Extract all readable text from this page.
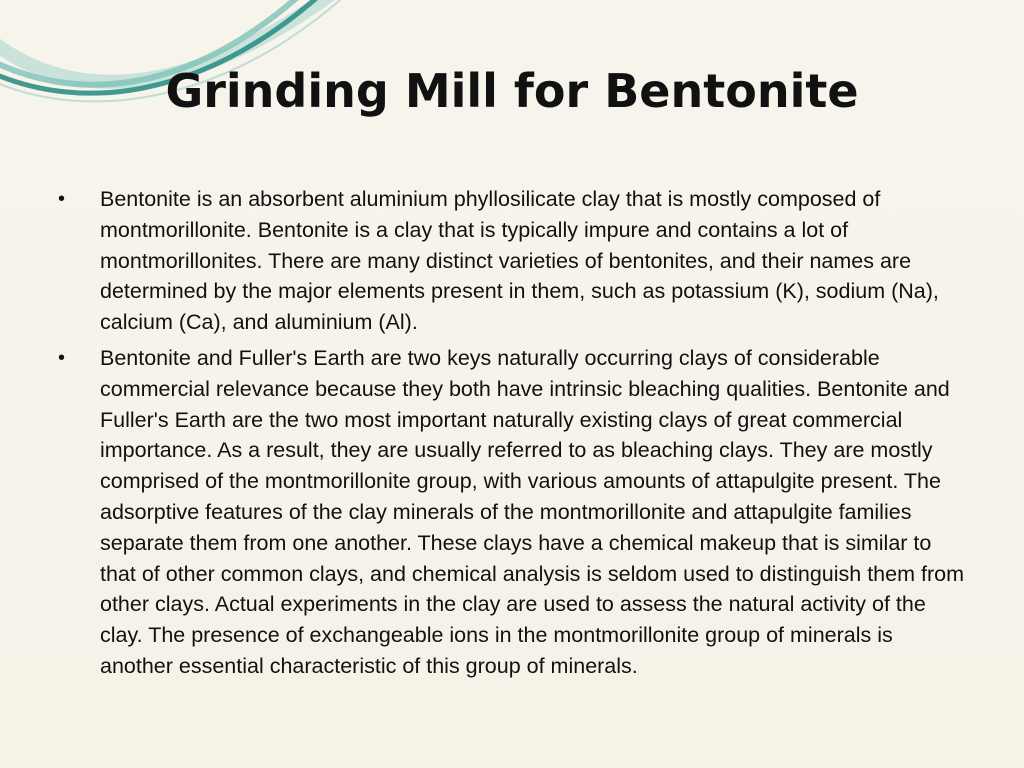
Grinding Mill for Bentonite
•	Bentonite is an absorbent aluminium phyllosilicate clay that is mostly composed of montmorillonite. Bentonite is a clay that is typically impure and contains a lot of montmorillonites. There are many distinct varieties of bentonites, and their names are determined by the major elements present in them, such as potassium (K), sodium (Na), calcium (Ca), and aluminium (Al).
•	Bentonite and Fuller's Earth are two keys naturally occurring clays of considerable commercial relevance because they both have intrinsic bleaching qualities. Bentonite and Fuller's Earth are the two most important naturally existing clays of great commercial importance. As a result, they are usually referred to as bleaching clays. They are mostly comprised of the montmorillonite group, with various amounts of attapulgite present. The adsorptive features of the clay minerals of the montmorillonite and attapulgite families separate them from one another. These clays have a chemical makeup that is similar to that of other common clays, and chemical analysis is seldom used to distinguish them from other clays. Actual experiments in the clay are used to assess the natural activity of the clay. The presence of exchangeable ions in the montmorillonite group of minerals is another essential characteristic of this group of minerals.
